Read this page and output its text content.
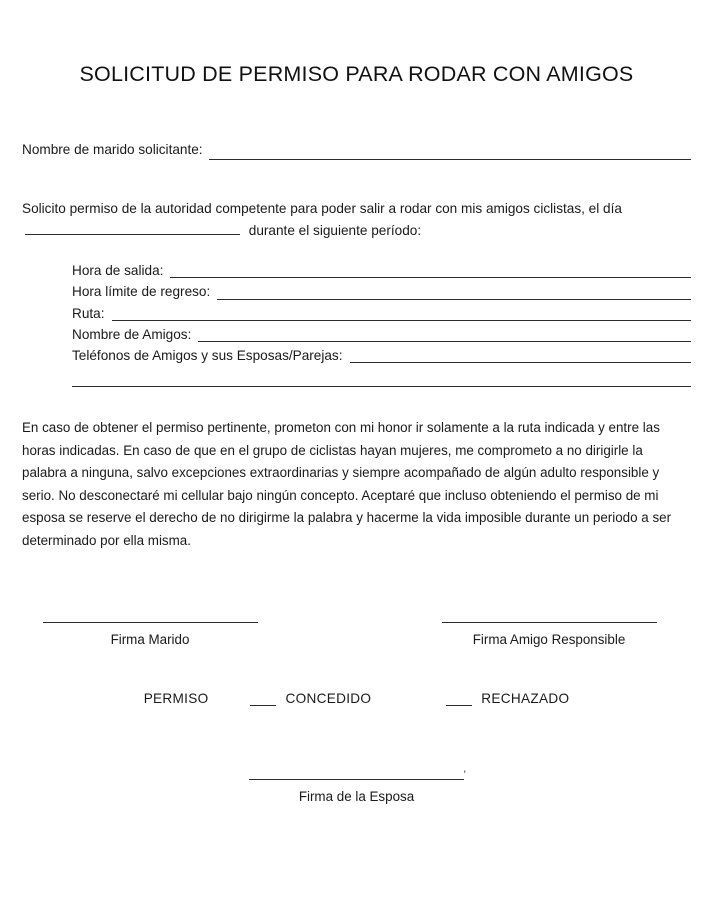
SOLICITUD DE PERMISO PARA RODAR CON AMIGOS
Nombre de marido solicitante:

Solicito permiso de la autoridad competente para poder salir a rodar con mis amigos ciclistas, el día  durante el siguiente período:

Hora de salida:
Hora límite de regreso:
Ruta:
Nombre de Amigos:
Teléfonos de Amigos y sus Esposas/Parejas:

En caso de obtener el permiso pertinente, prometon con mi honor ir solamente a la ruta indicada y entre las horas indicadas. En caso de que en el grupo de ciclistas hayan mujeres, me comprometo a no dirigirle la palabra a ninguna, salvo excepciones extraordinarias y siempre acompañado de algún adulto responsible y serio. No desconectaré mi cellular bajo ningún concepto. Aceptaré que incluso obteniendo el permiso de mi esposa se reserve el derecho de no dirigirme la palabra y hacerme la vida imposible durante un periodo a ser determinado por ella misma.

Firma Marido	Firma Amigo Responsible
PERMISO	CONCEDIDO	RECHAZADO
’
Firma de la Esposa
